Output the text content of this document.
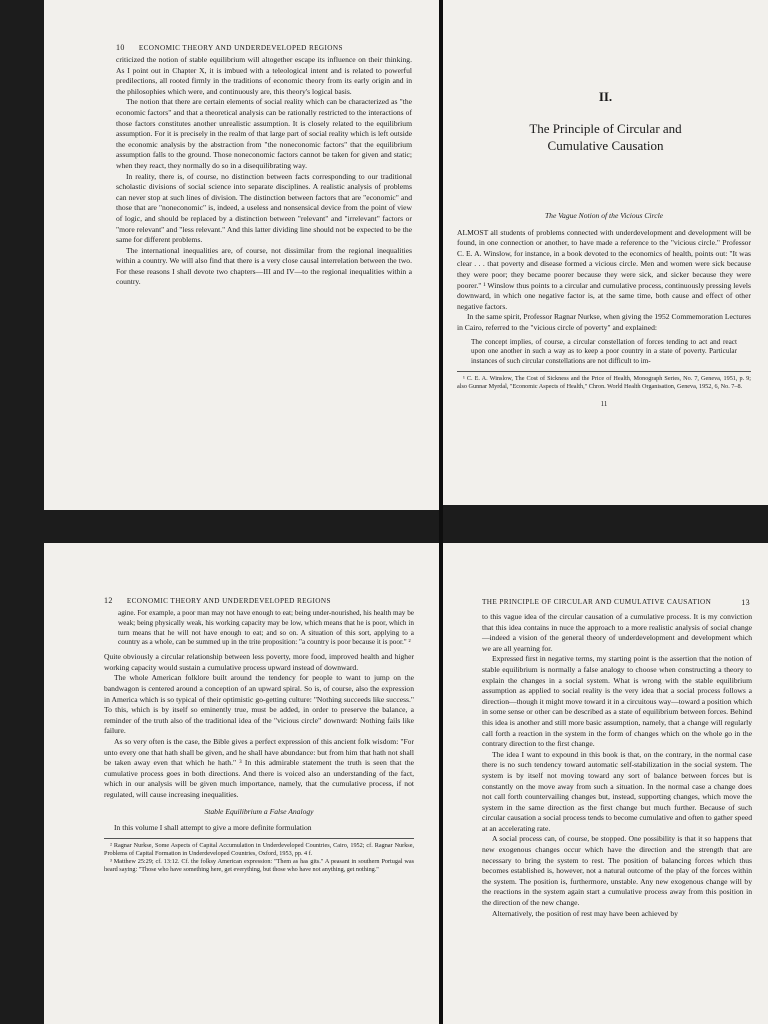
10 ECONOMIC THEORY AND UNDERDEVELOPED REGIONS

criticized the notion of stable equilibrium will altogether escape its influence on their thinking. As I point out in Chapter X, it is imbued with a teleological intent and is related to powerful predilections, all rooted firmly in the traditions of economic theory from its early origin and in the philosophies which were, and continuously are, this theory's logical basis.

The notion that there are certain elements of social reality which can be characterized as "the economic factors" and that a theoretical analysis can be rationally restricted to the interactions of those factors constitutes another unrealistic assumption. It is closely related to the equilibrium assumption. For it is precisely in the realm of that large part of social reality which is left outside the economic analysis by the abstraction from "the noneconomic factors" that the equilibrium assumption falls to the ground. Those noneconomic factors cannot be taken for given and static; when they react, they normally do so in a disequilibrating way.

In reality, there is, of course, no distinction between facts corresponding to our traditional scholastic divisions of social science into separate disciplines. A realistic analysis of problems can never stop at such lines of division. The distinction between factors that are "economic" and those that are "noneconomic" is, indeed, a useless and nonsensical device from the point of view of logic, and should be replaced by a distinction between "relevant" and "irrelevant" factors or "more relevant" and "less relevant." And this latter dividing line should not be expected to be the same for different problems.

The international inequalities are, of course, not dissimilar from the regional inequalities within a country. We will also find that there is a very close causal interrelation between the two. For these reasons I shall devote two chapters—III and IV—to the regional inequalities within a country.

II.
The Principle of Circular and Cumulative Causation
The Vague Notion of the Vicious Circle

ALMOST all students of problems connected with underdevelopment and development will be found, in one connection or another, to have made a reference to the "vicious circle." Professor C. E. A. Winslow, for instance, in a book devoted to the economics of health, points out: "It was clear . . . that poverty and disease formed a vicious circle. Men and women were sick because they were poor; they became poorer because they were sick, and sicker because they were poorer." ¹ Winslow thus points to a circular and cumulative process, continuously pressing levels downward, in which one negative factor is, at the same time, both cause and effect of other negative factors.

In the same spirit, Professor Ragnar Nurkse, when giving the 1952 Commemoration Lectures in Cairo, referred to the "vicious circle of poverty" and explained:

The concept implies, of course, a circular constellation of forces tending to act and react upon one another in such a way as to keep a poor country in a state of poverty. Particular instances of such circular constellations are not difficult to im-

¹ C. E. A. Winslow, The Cost of Sickness and the Price of Health, Monograph Series, No. 7, Geneva, 1951, p. 9; also Gunnar Myrdal, "Economic Aspects of Health," Chron. World Health Organisation, Geneva, 1952, 6, No. 7–8.

11
12 ECONOMIC THEORY AND UNDERDEVELOPED REGIONS
agine. For example, a poor man may not have enough to eat; being under-nourished, his health may be weak; being physically weak, his working capacity may be low, which means that he is poor, which in turn means that he will not have enough to eat; and so on. A situation of this sort, applying to a country as a whole, can be summed up in the trite proposition: "a country is poor because it is poor." ²

Quite obviously a circular relationship between less poverty, more food, improved health and higher working capacity would sustain a cumulative process upward instead of downward.

The whole American folklore built around the tendency for people to want to jump on the bandwagon is centered around a conception of an upward spiral. So is, of course, also the expression in America which is so typical of their optimistic go-getting culture: "Nothing succeeds like success." To this, which is by itself so eminently true, must be added, in order to preserve the balance, a reminder of the truth also of the traditional idea of the "vicious circle" downward: Nothing fails like failure.

As so very often is the case, the Bible gives a perfect expression of this ancient folk wisdom: "For unto every one that hath shall be given, and he shall have abundance: but from him that hath not shall be taken away even that which he hath." ³ In this admirable statement the truth is seen that the cumulative process goes in both directions. And there is voiced also an understanding of the fact, which in our analysis will be given much importance, namely, that the cumulative process, if not regulated, will cause increasing inequalities.

Stable Equilibrium a False Analogy

In this volume I shall attempt to give a more definite formulation

² Ragnar Nurkse, Some Aspects of Capital Accumulation in Underdeveloped Countries, Cairo, 1952; cf. Ragnar Nurkse, Problems of Capital Formation in Underdeveloped Countries, Oxford, 1953, pp. 4 f.

³ Matthew 25:29; cf. 13:12. Cf. the folksy American expression: "Them as has gits." A peasant in southern Portugal was heard saying: "Those who have something here, get everything, but those who have not anything, get nothing."

THE PRINCIPLE OF CIRCULAR AND CUMULATIVE CAUSATION	13

to this vague idea of the circular causation of a cumulative process. It is my conviction that this idea contains in nuce the approach to a more realistic analysis of social change—indeed a vision of the general theory of underdevelopment and development which we are all yearning for.

Expressed first in negative terms, my starting point is the assertion that the notion of stable equilibrium is normally a false analogy to choose when constructing a theory to explain the changes in a social system. What is wrong with the stable equilibrium assumption as applied to social reality is the very idea that a social process follows a direction—though it might move toward it in a circuitous way—toward a position which in some sense or other can be described as a state of equilibrium between forces. Behind this idea is another and still more basic assumption, namely, that a change will regularly call forth a reaction in the system in the form of changes which on the whole go in the contrary direction to the first change.

The idea I want to expound in this book is that, on the contrary, in the normal case there is no such tendency toward automatic self-stabilization in the social system. The system is by itself not moving toward any sort of balance between forces but is constantly on the move away from such a situation. In the normal case a change does not call forth countervailing changes but, instead, supporting changes, which move the system in the same direction as the first change but much further. Because of such circular causation a social process tends to become cumulative and often to gather speed at an accelerating rate.

A social process can, of course, be stopped. One possibility is that it so happens that new exogenous changes occur which have the direction and the strength that are necessary to bring the system to rest. The position of balancing forces which thus becomes established is, however, not a natural outcome of the play of the forces within the system. The position is, furthermore, unstable. Any new exogenous change will by the reactions in the system again start a cumulative process away from this position in the direction of the new change.

Alternatively, the position of rest may have been achieved by
